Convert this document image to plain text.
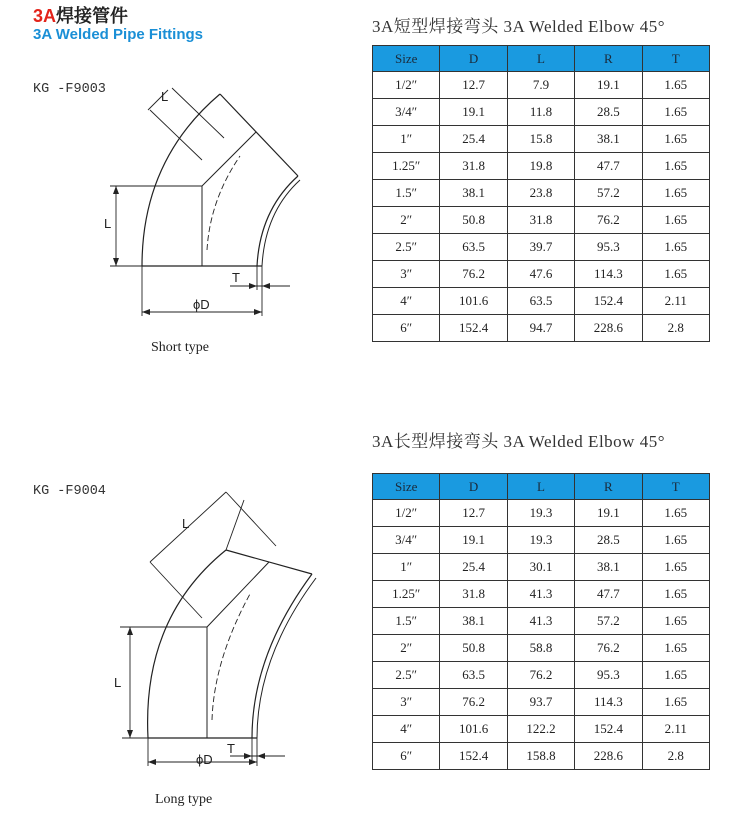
3A焊接管件
3A Welded Pipe Fittings
KG -F9003	L
L
T
ϕD
Short type
3A短型焊接弯头 3A Welded Elbow 45°
Size	D	L	R	T
1/2″	12.7	7.9	19.1	1.65
3/4″	19.1	11.8	28.5	1.65
1″	25.4	15.8	38.1	1.65
1.25″	31.8	19.8	47.7	1.65
1.5″	38.1	23.8	57.2	1.65
2″	50.8	31.8	76.2	1.65
2.5″	63.5	39.7	95.3	1.65
3″	76.2	47.6	114.3	1.65
4″	101.6	63.5	152.4	2.11
6″	152.4	94.7	228.6	2.8
KG -F9004
L
L
T
ϕD
Long type
3A长型焊接弯头 3A Welded Elbow 45°
Size	D	L	R	T
1/2″	12.7	19.3	19.1	1.65
3/4″	19.1	19.3	28.5	1.65
1″	25.4	30.1	38.1	1.65
1.25″	31.8	41.3	47.7	1.65
1.5″	38.1	41.3	57.2	1.65
2″	50.8	58.8	76.2	1.65
2.5″	63.5	76.2	95.3	1.65
3″	76.2	93.7	114.3	1.65
4″	101.6	122.2	152.4	2.11
6″	152.4	158.8	228.6	2.8
